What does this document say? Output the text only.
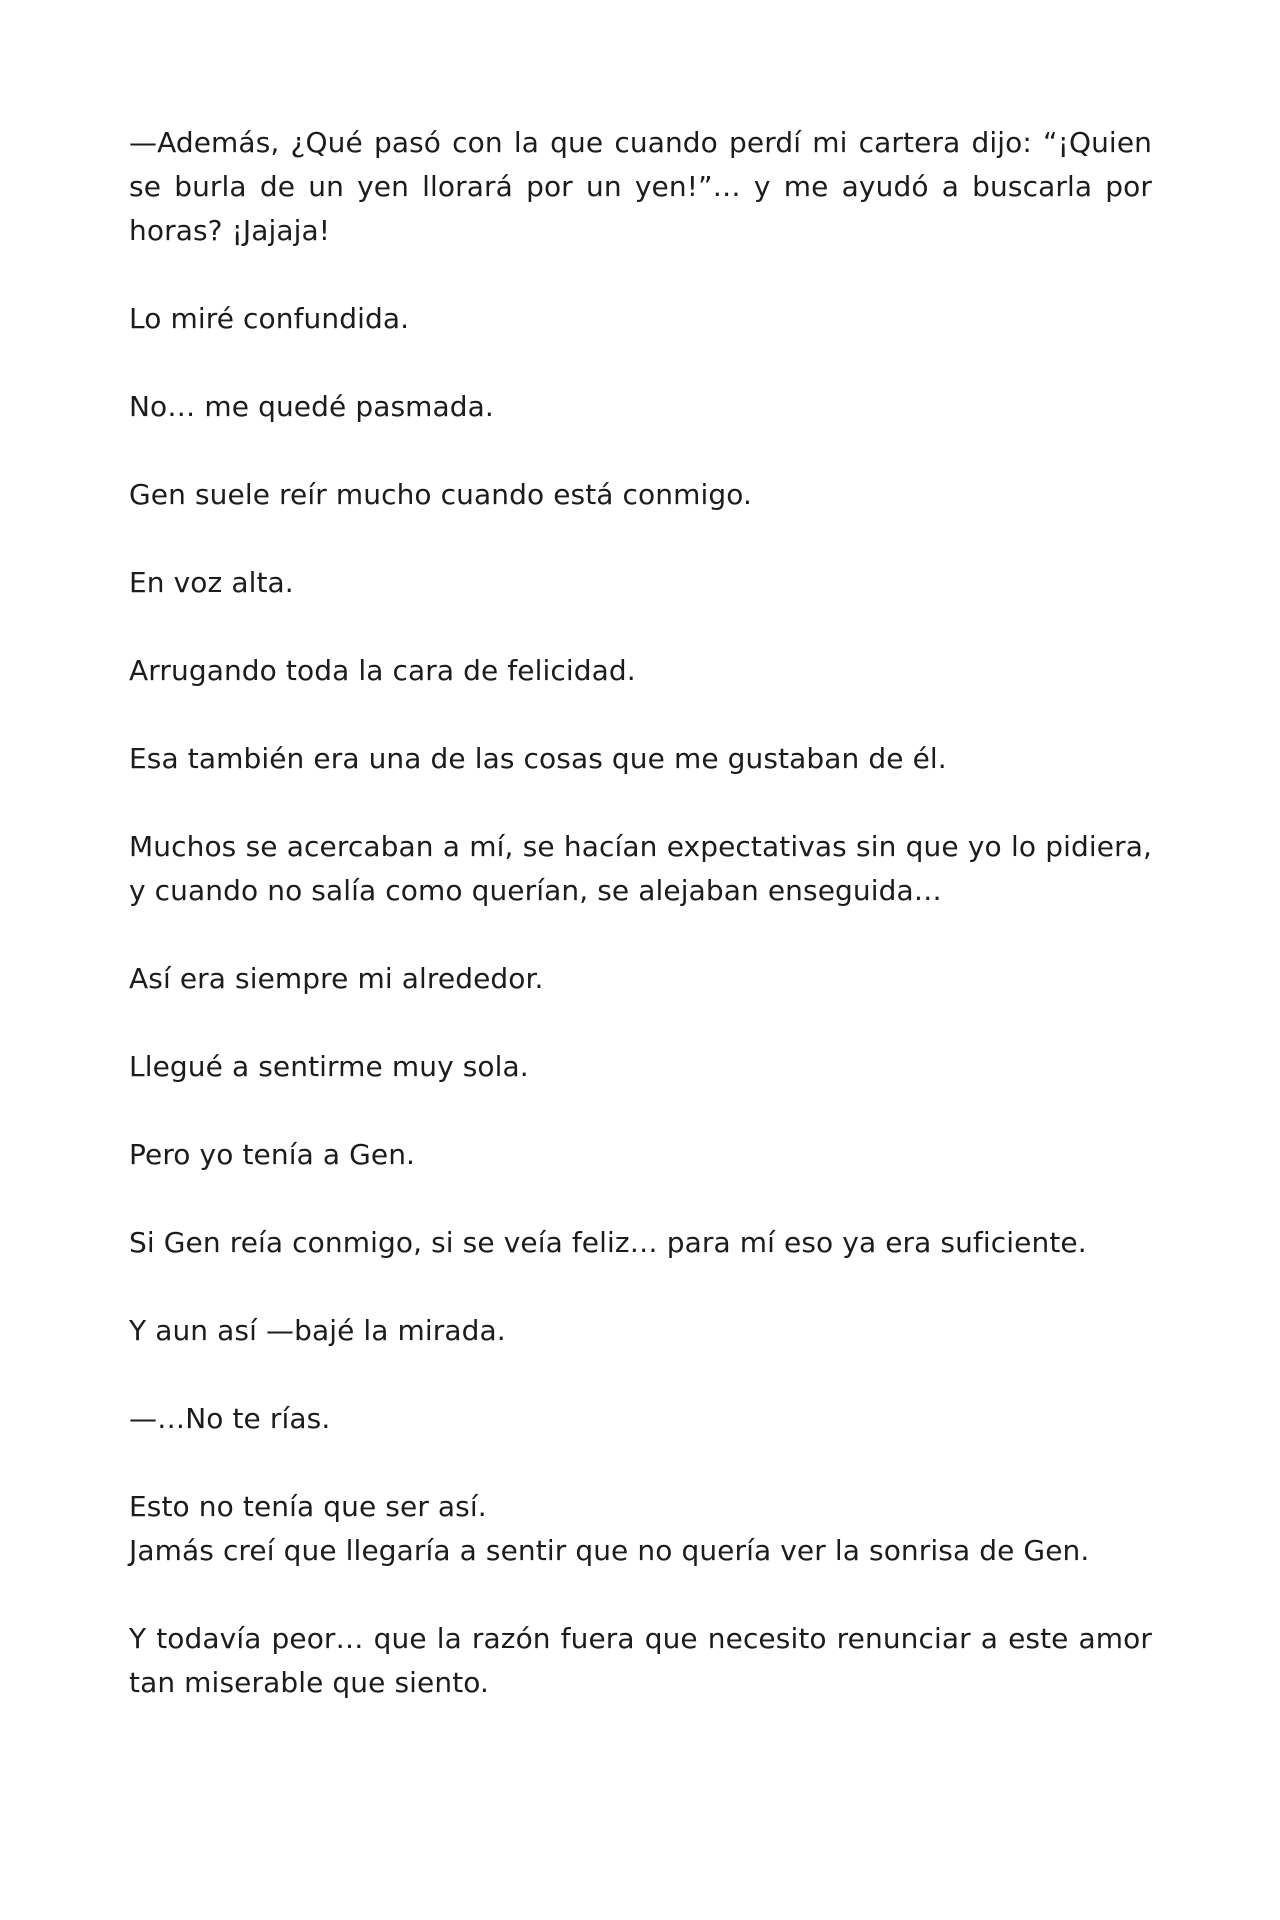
—Además, ¿Qué pasó con la que cuando perdí mi cartera dijo: “¡Quien se burla de un yen llorará por un yen!”… y me ayudó a buscarla por horas? ¡Jajaja!

Lo miré confundida.

No… me quedé pasmada.

Gen suele reír mucho cuando está conmigo.

En voz alta.

Arrugando toda la cara de felicidad.

Esa también era una de las cosas que me gustaban de él.

Muchos se acercaban a mí, se hacían expectativas sin que yo lo pidiera, y cuando no salía como querían, se alejaban enseguida…

Así era siempre mi alrededor.

Llegué a sentirme muy sola.

Pero yo tenía a Gen.

Si Gen reía conmigo, si se veía feliz… para mí eso ya era suficiente.

Y aun así —bajé la mirada.

—…No te rías.

Esto no tenía que ser así.

Jamás creí que llegaría a sentir que no quería ver la sonrisa de Gen.

Y todavía peor… que la razón fuera que necesito renunciar a este amor tan miserable que siento.
